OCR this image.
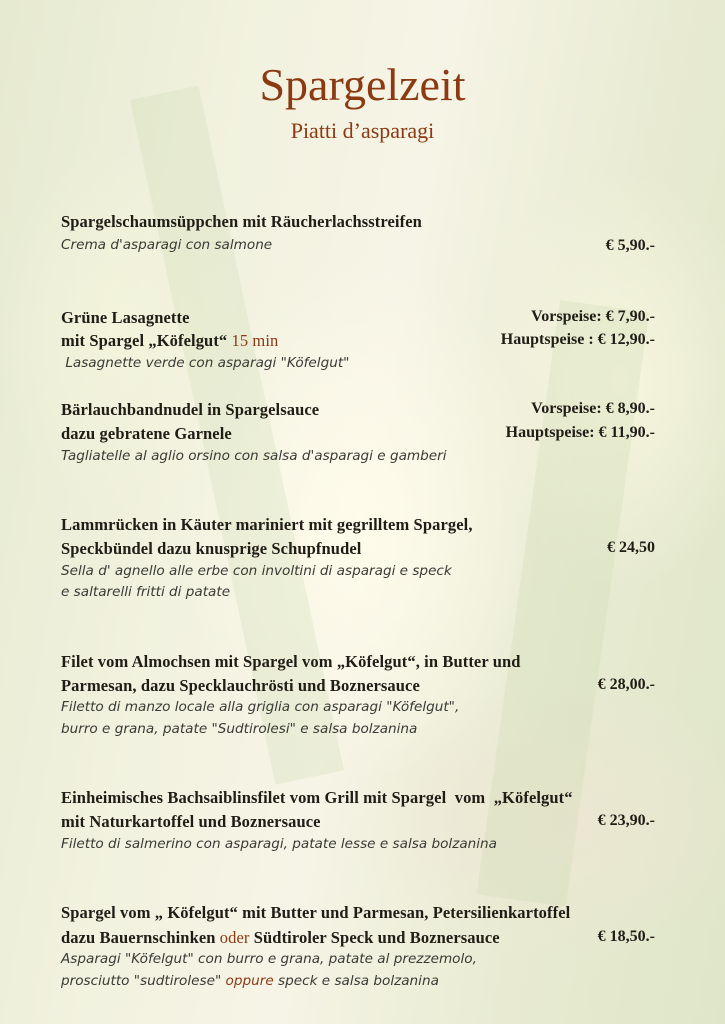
Spargelzeit
Piatti d’asparagi
Spargelschaumsüppchen mit Räucherlachsstreifen
Crema d'asparagi con salmone	€ 5,90.-
Grüne Lasagnette
mit Spargel „Köfelgut“ 15 min
Lasagnette verde con asparagi "Köfelgut"
Vorspeise: € 7,90.-
Hauptspeise : € 12,90.-
Bärlauchbandnudel in Spargelsauce
dazu gebratene Garnele
Tagliatelle al aglio orsino con salsa d'asparagi e gamberi
Vorspeise: € 8,90.-
Hauptspeise: € 11,90.-
Lammrücken in Käuter mariniert mit gegrilltem Spargel,
Speckbündel dazu knusprige Schupfnudel
Sella d' agnello alle erbe con involtini di asparagi e speck
e saltarelli fritti di patate
€ 24,50
Filet vom Almochsen mit Spargel vom „Köfelgut“, in Butter und
Parmesan, dazu Specklauchrösti und Boznersauce
Filetto di manzo locale alla griglia con asparagi "Köfelgut",
burro e grana, patate "Sudtirolesi" e salsa bolzanina
€ 28,00.-
Einheimisches Bachsaiblinsfilet vom Grill mit Spargel  vom  „Köfelgut“
mit Naturkartoffel und Boznersauce
Filetto di salmerino con asparagi, patate lesse e salsa bolzanina
€ 23,90.-
Spargel vom „ Köfelgut“ mit Butter und Parmesan, Petersilienkartoffel
dazu Bauernschinken oder Südtiroler Speck und Boznersauce
Asparagi "Köfelgut" con burro e grana, patate al prezzemolo,
prosciutto "sudtirolese" oppure speck e salsa bolzanina
€ 18,50.-
